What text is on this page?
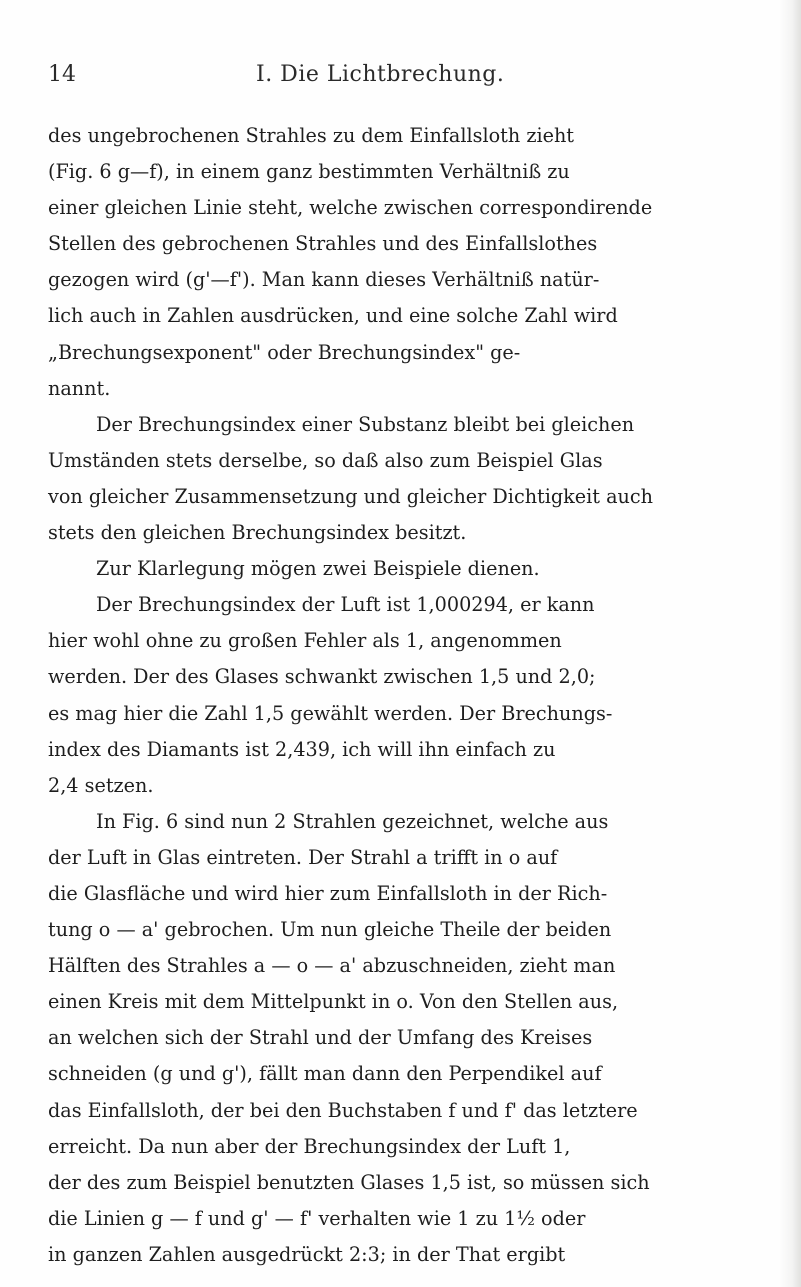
14	I. Die Lichtbrechung.
des ungebrochenen Strahles zu dem Einfallsloth zieht
(Fig. 6 g—f), in einem ganz bestimmten Verhältniß zu
einer gleichen Linie steht, welche zwischen correspondirende
Stellen des gebrochenen Strahles und des Einfallslothes
gezogen wird (g'—f'). Man kann dieses Verhältniß natür-
lich auch in Zahlen ausdrücken, und eine solche Zahl wird
„Brechungsexponent" oder Brechungsindex" ge-
nannt.
Der Brechungsindex einer Substanz bleibt bei gleichen
Umständen stets derselbe, so daß also zum Beispiel Glas
von gleicher Zusammensetzung und gleicher Dichtigkeit auch
stets den gleichen Brechungsindex besitzt.
Zur Klarlegung mögen zwei Beispiele dienen.
Der Brechungsindex der Luft ist 1,000294, er kann
hier wohl ohne zu großen Fehler als 1, angenommen
werden. Der des Glases schwankt zwischen 1,5 und 2,0;
es mag hier die Zahl 1,5 gewählt werden. Der Brechungs-
index des Diamants ist 2,439, ich will ihn einfach zu
2,4 setzen.
In Fig. 6 sind nun 2 Strahlen gezeichnet, welche aus
der Luft in Glas eintreten. Der Strahl a trifft in o auf
die Glasfläche und wird hier zum Einfallsloth in der Rich-
tung o — a' gebrochen. Um nun gleiche Theile der beiden
Hälften des Strahles a — o — a' abzuschneiden, zieht man
einen Kreis mit dem Mittelpunkt in o. Von den Stellen aus,
an welchen sich der Strahl und der Umfang des Kreises
schneiden (g und g'), fällt man dann den Perpendikel auf
das Einfallsloth, der bei den Buchstaben f und f' das letztere
erreicht. Da nun aber der Brechungsindex der Luft 1,
der des zum Beispiel benutzten Glases 1,5 ist, so müssen sich
die Linien g — f und g' — f' verhalten wie 1 zu 1½ oder
in ganzen Zahlen ausgedrückt 2:3; in der That ergibt
